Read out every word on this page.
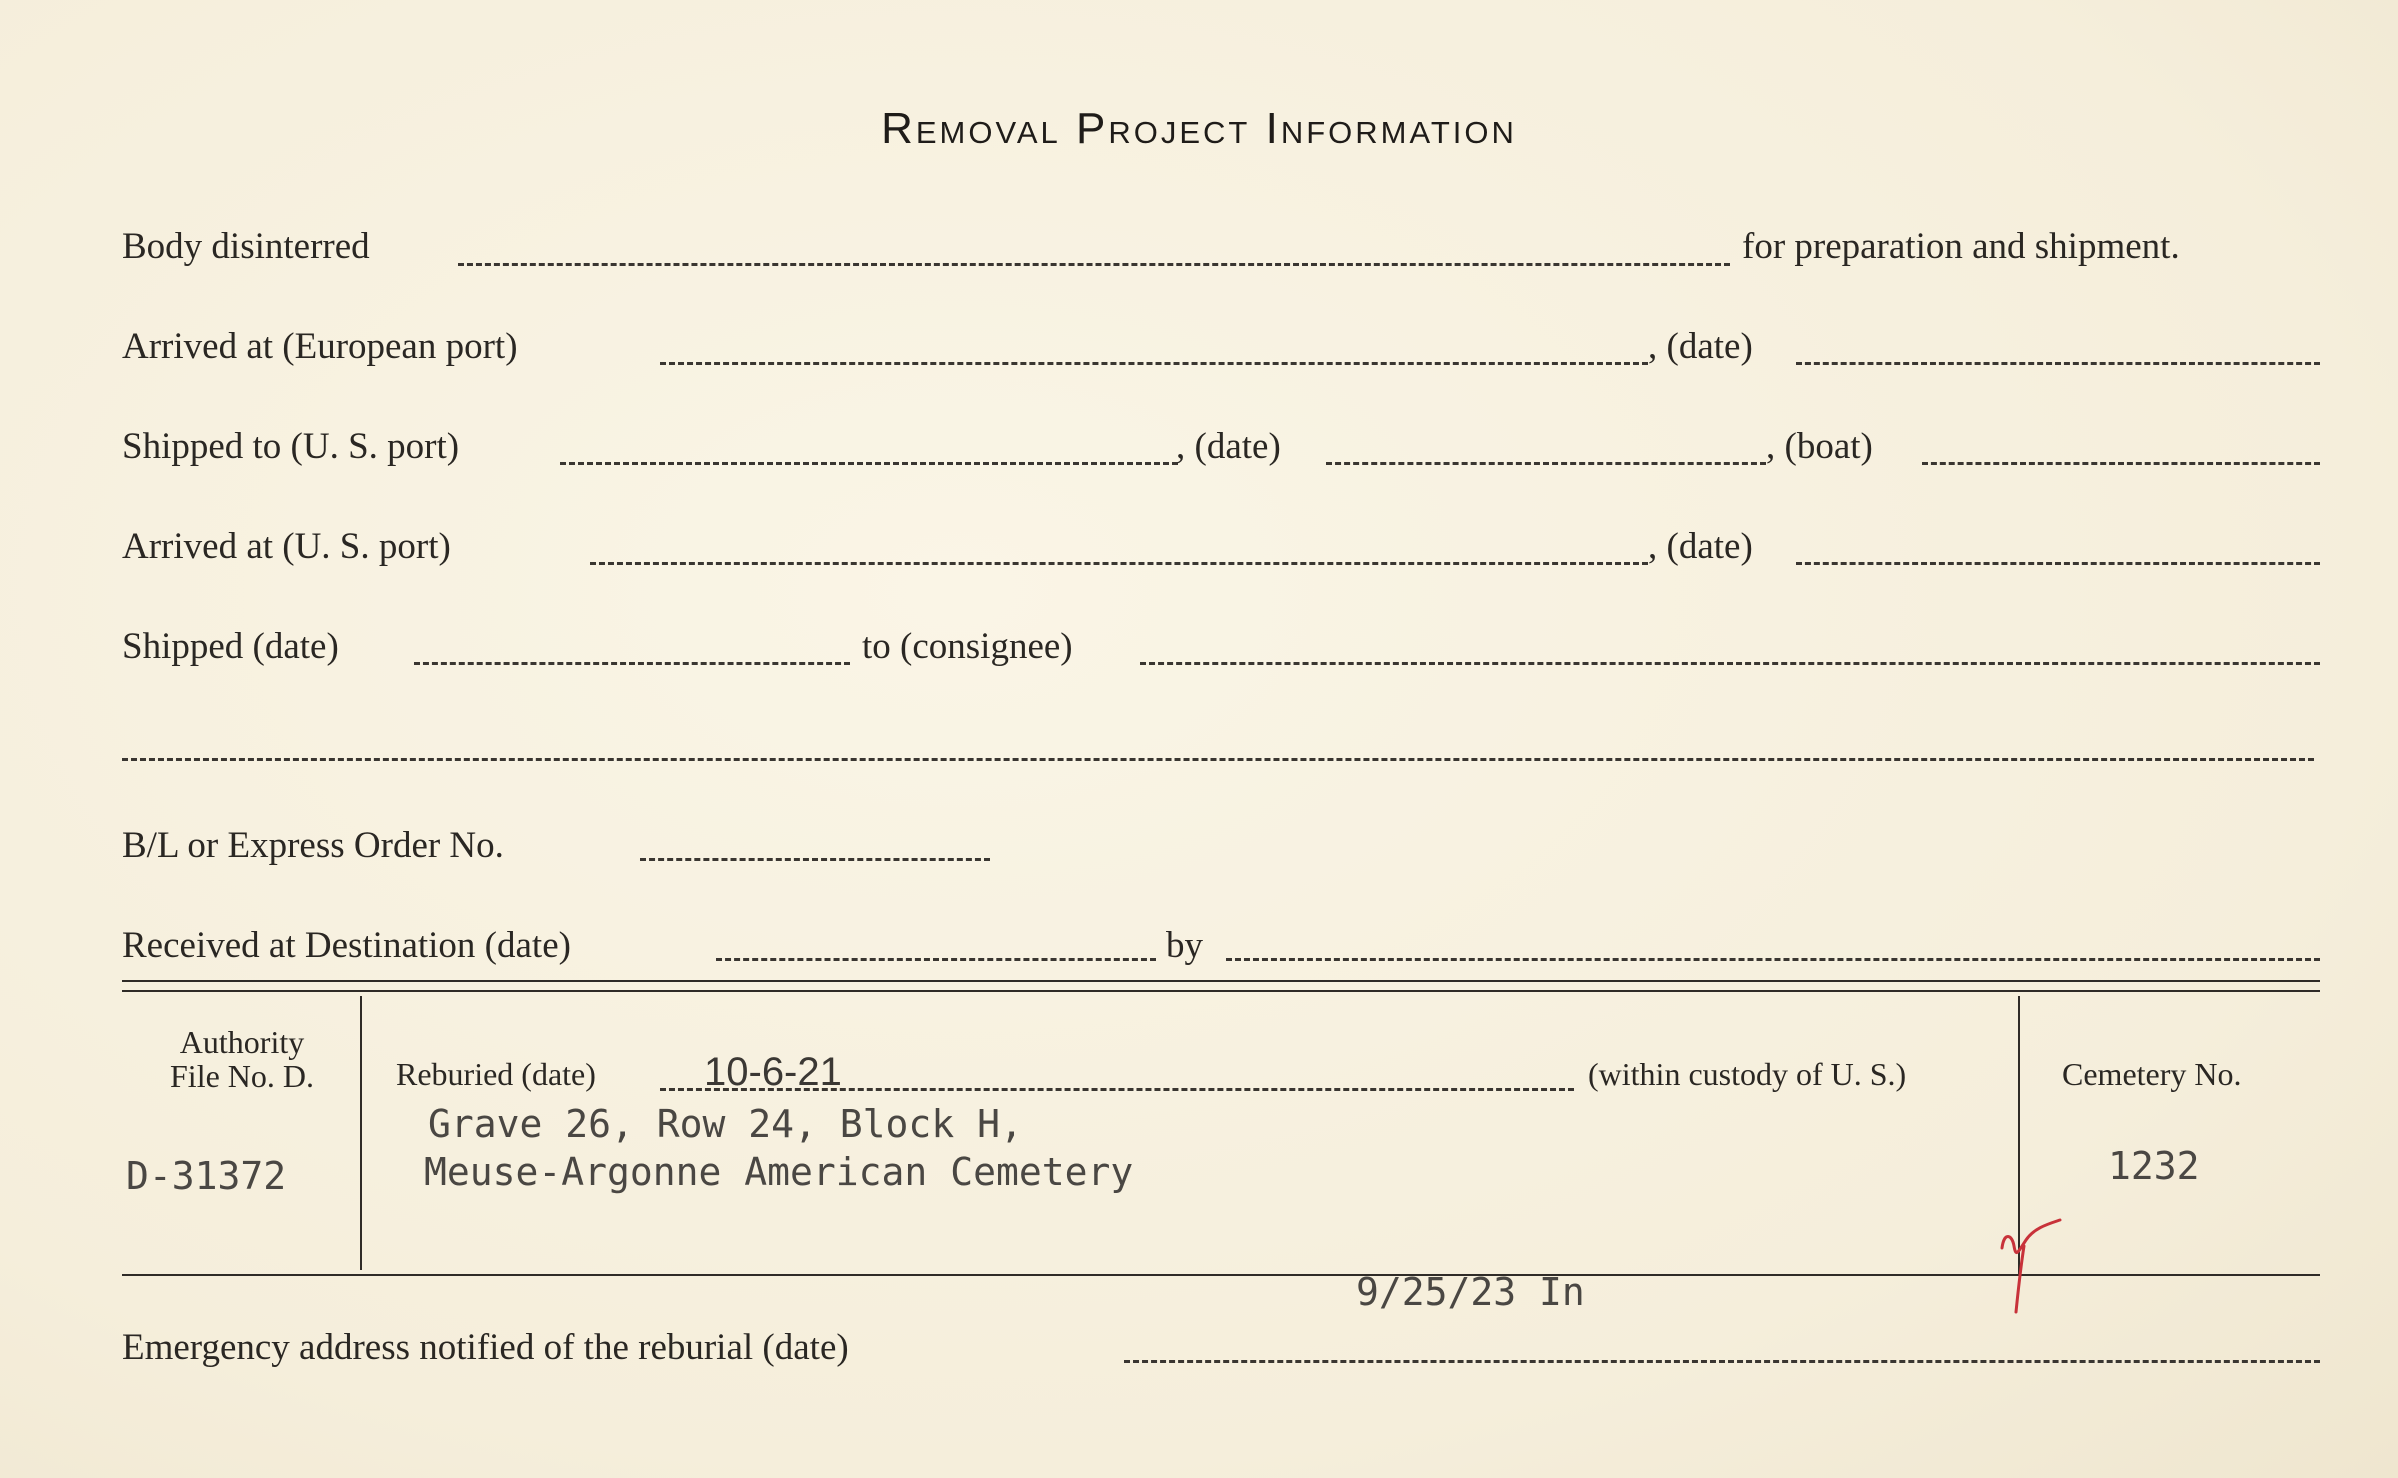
Removal Project Information
Body disinterred	for preparation and shipment.
Arrived at (European port)	, (date)
Shipped to (U. S. port)	, (date)	, (boat)
Arrived at (U. S. port)	, (date)
Shipped (date)	to (consignee)
B/L or Express Order No.
Received at Destination (date)	by
Authority
File No. D.
D-31372
Reburied (date)	10-6-21	(within custody of U. S.)
Grave 26, Row 24, Block H,
Meuse-Argonne American Cemetery
Cemetery No.
1232
9/25/23 In
Emergency address notified of the reburial (date)
